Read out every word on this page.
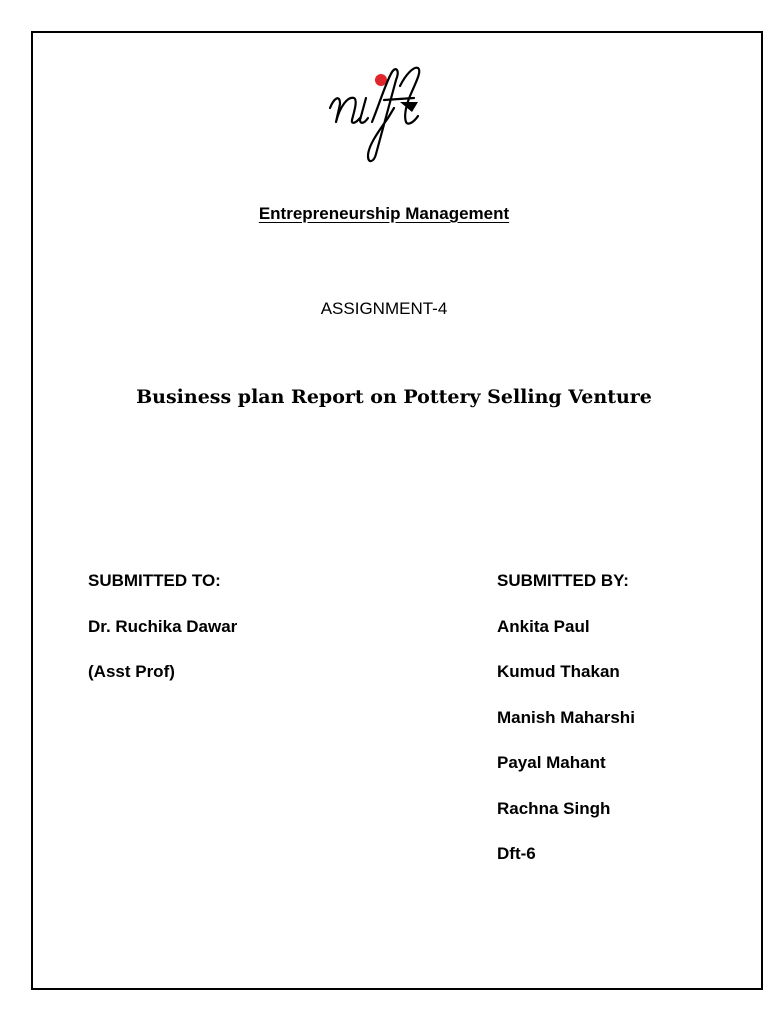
Entrepreneurship Management
ASSIGNMENT-4
Business plan Report on Pottery Selling Venture
SUBMITTED TO:
Dr. Ruchika Dawar
(Asst Prof)
SUBMITTED BY:
Ankita Paul
Kumud Thakan
Manish Maharshi
Payal Mahant
Rachna Singh
Dft-6
